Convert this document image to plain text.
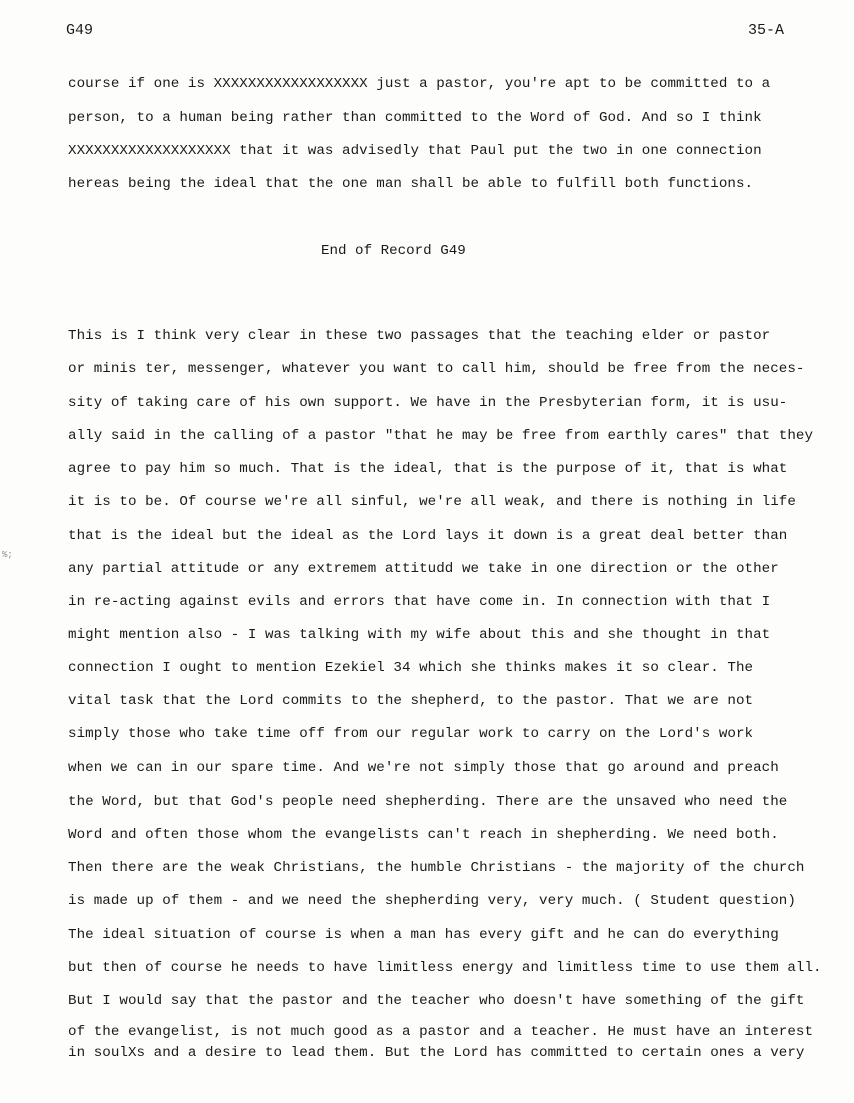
G49	35-A
course if one is XXXXXXXXXXXXXXXXXX just a pastor, you're apt to be committed to a
person, to a human being rather than committed to the Word of God. And so I think
XXXXXXXXXXXXXXXXXXX that it was advisedly that Paul put the two in one connection
hereas being the ideal that the one man shall be able to fulfill both functions.
End of Record G49
%;
This is I think very clear in these two passages that the teaching elder or pastor
or minis ter, messenger, whatever you want to call him, should be free from the neces-
sity of taking care of his own support. We have in the Presbyterian form, it is usu-
ally said in the calling of a pastor "that he may be free from earthly cares" that they
agree to pay him so much. That is the ideal, that is the purpose of it, that is what
it is to be. Of course we're all sinful, we're all weak, and there is nothing in life
that is the ideal but the ideal as the Lord lays it down is a great deal better than
any partial attitude or any extremem attitudd we take in one direction or the other
in re-acting against evils and errors that have come in. In connection with that I
might mention also - I was talking with my wife about this and she thought in that
connection I ought to mention Ezekiel 34 which she thinks makes it so clear. The
vital task that the Lord commits to the shepherd, to the pastor. That we are not
simply those who take time off from our regular work to carry on the Lord's work
when we can in our spare time. And we're not simply those that go around and preach
the Word, but that God's people need shepherding. There are the unsaved who need the
Word and often those whom the evangelists can't reach in shepherding. We need both.
Then there are the weak Christians, the humble Christians - the majority of the church
is made up of them - and we need the shepherding very, very much. ( Student question)
The ideal situation of course is when a man has every gift and he can do everything
but then of course he needs to have limitless energy and limitless time to use them all.
But I would say that the pastor and the teacher who doesn't have something of the gift
of the evangelist, is not much good as a pastor and a teacher. He must have an interest
in soulXs and a desire to lead them. But the Lord has committed to certain ones a very
